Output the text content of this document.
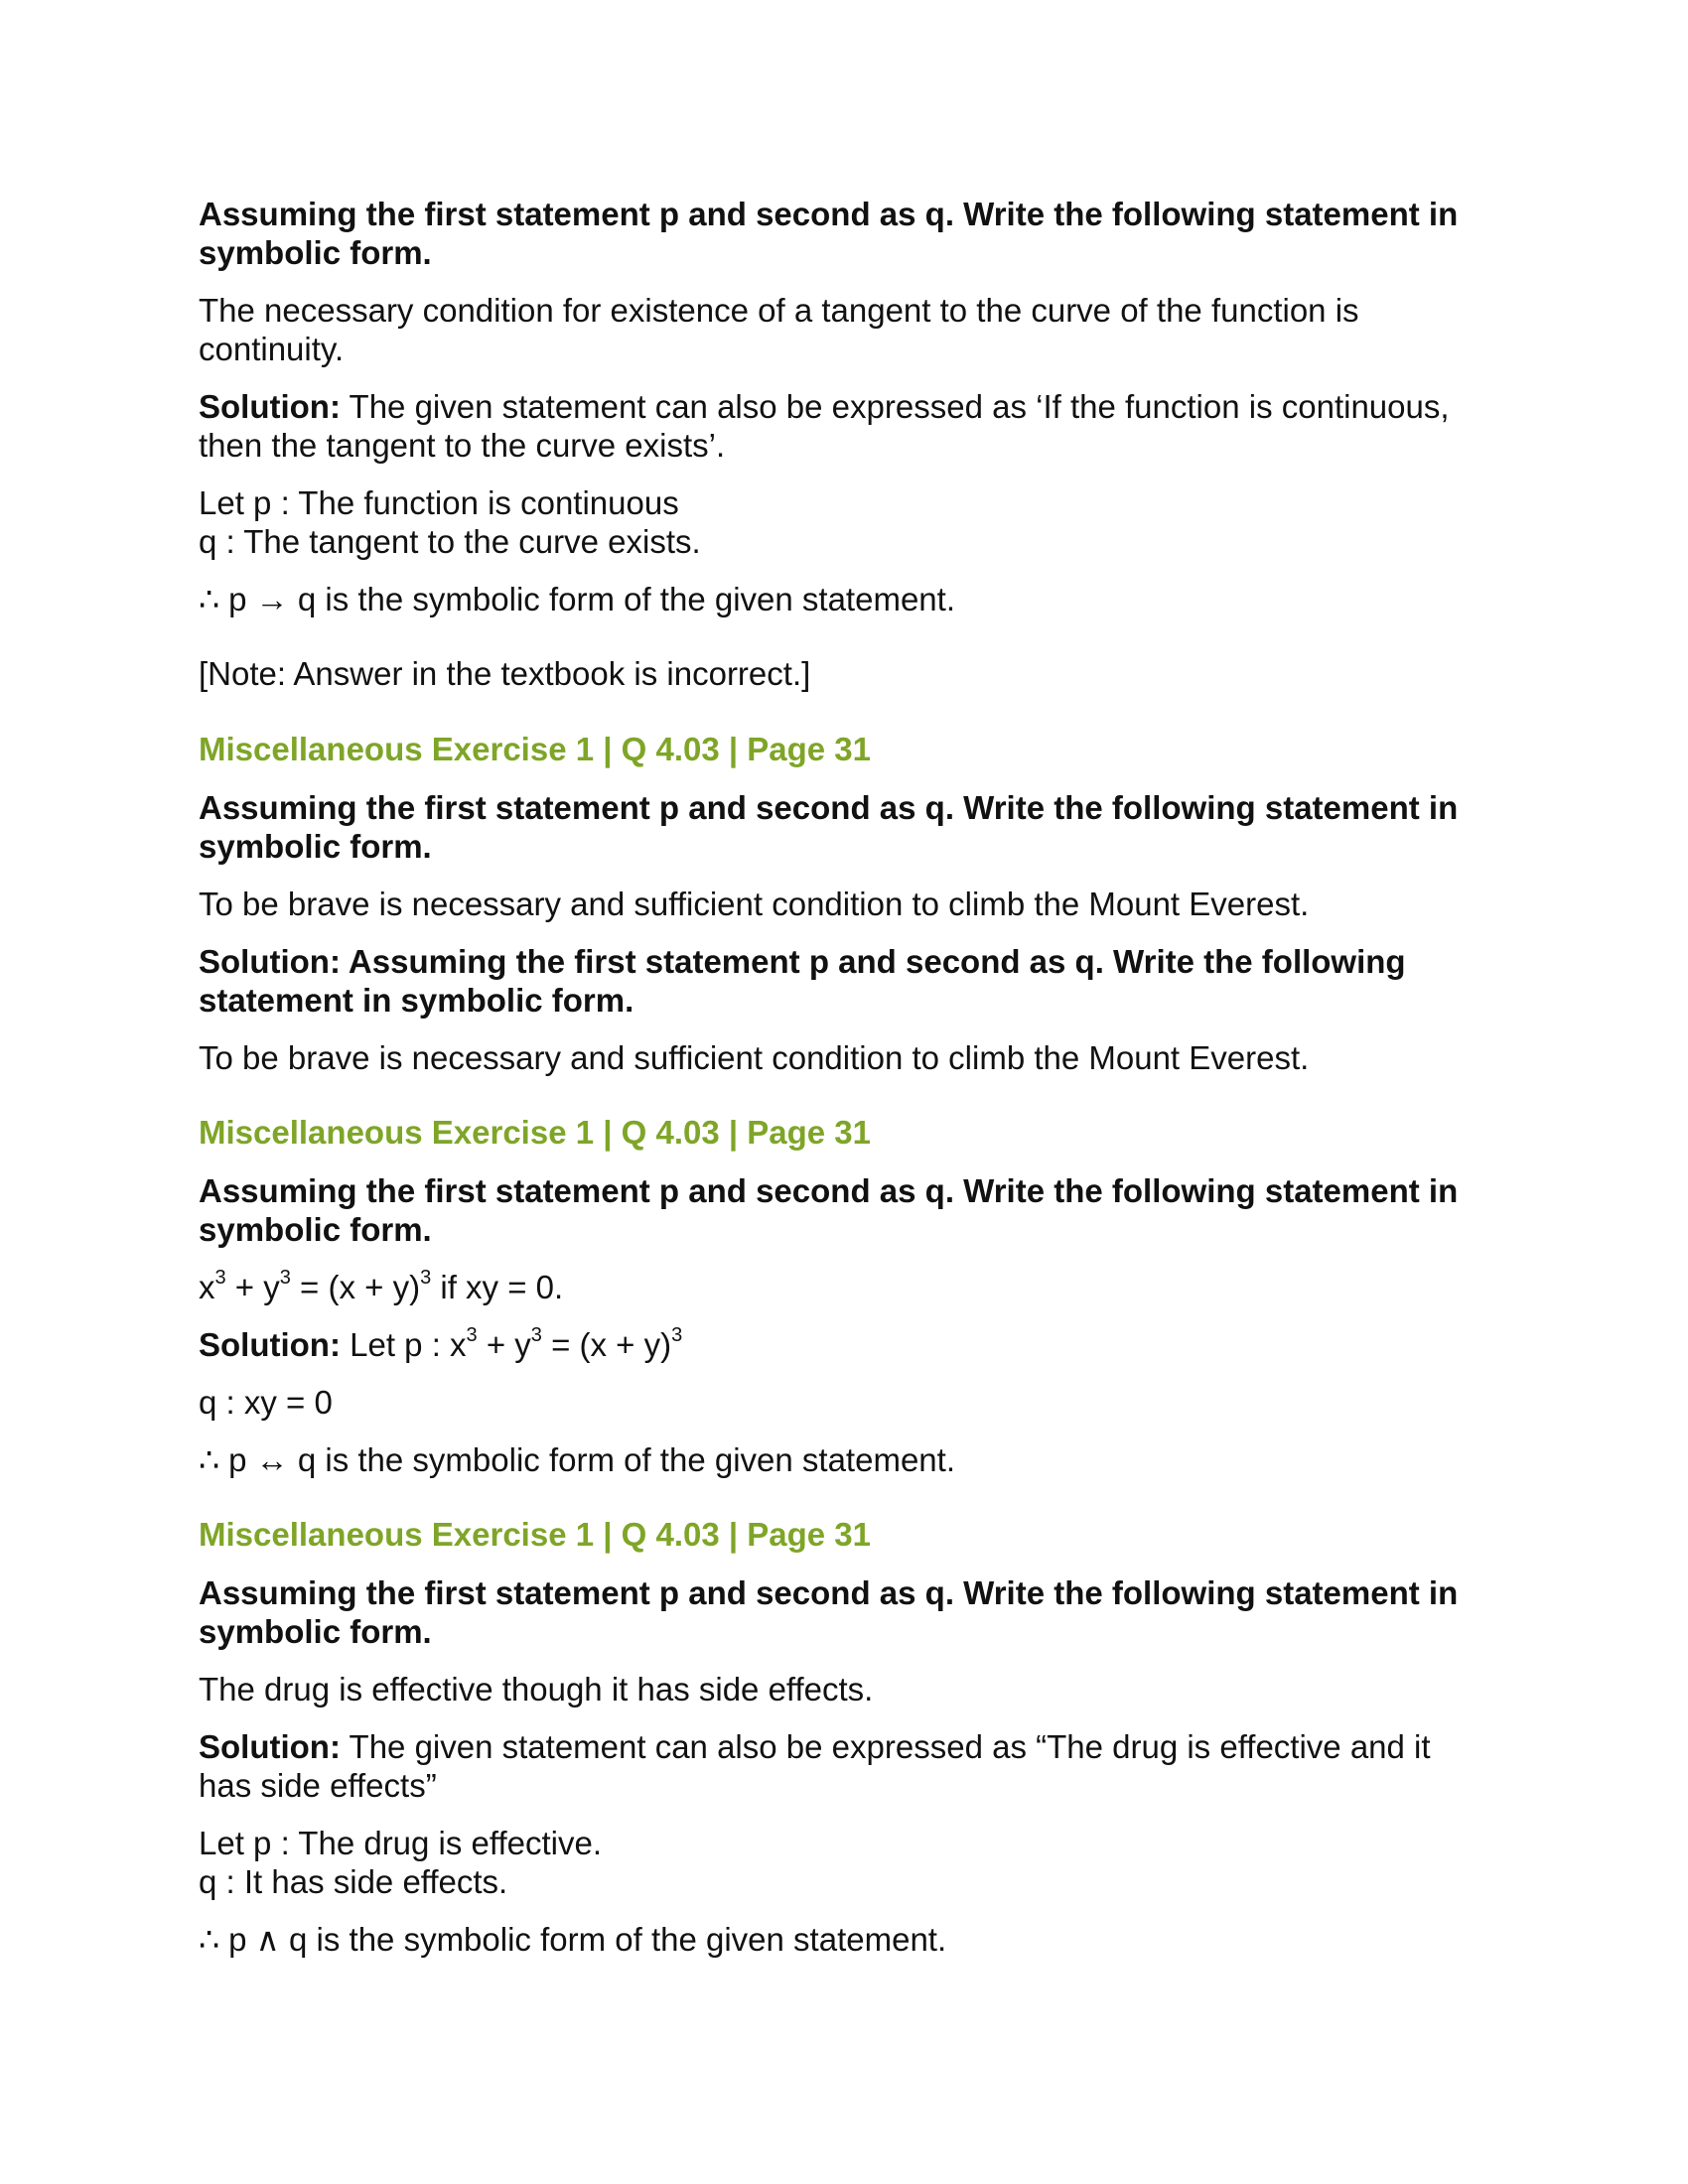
Assuming the first statement p and second as q. Write the following statement in symbolic form.

The necessary condition for existence of a tangent to the curve of the function is continuity.

Solution: The given statement can also be expressed as ‘If the function is continuous, then the tangent to the curve exists’.

Let p : The function is continuous

q : The tangent to the curve exists.

∴ p → q is the symbolic form of the given statement.

[Note: Answer in the textbook is incorrect.]

Miscellaneous Exercise 1 | Q 4.03 | Page 31

Assuming the first statement p and second as q. Write the following statement in symbolic form.

To be brave is necessary and sufficient condition to climb the Mount Everest.

Solution: Assuming the first statement p and second as q. Write the following statement in symbolic form.

To be brave is necessary and sufficient condition to climb the Mount Everest.

Miscellaneous Exercise 1 | Q 4.03 | Page 31

Assuming the first statement p and second as q. Write the following statement in symbolic form.

$x^3 + y^3 = (x + y)^3$ if xy = 0.

Solution: Let p : $x^3 + y^3 = (x + y)^3$

q : xy = 0

∴ p ↔ q is the symbolic form of the given statement.

Miscellaneous Exercise 1 | Q 4.03 | Page 31

Assuming the first statement p and second as q. Write the following statement in symbolic form.

The drug is effective though it has side effects.

Solution: The given statement can also be expressed as “The drug is effective and it has side effects”

Let p : The drug is effective.

q : It has side effects.

∴ p ∧ q is the symbolic form of the given statement.
